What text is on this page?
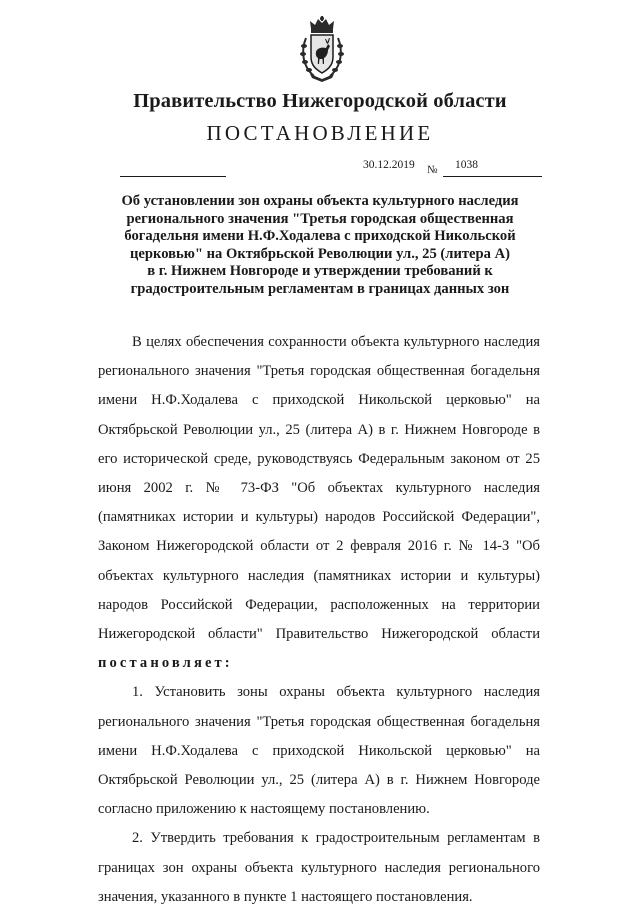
Правительство Нижегородской области
ПОСТАНОВЛЕНИЕ
30.12.2019 № 1038
Об установлении зон охраны объекта культурного наследия
регионального значения "Третья городская общественная
богадельня имени Н.Ф.Ходалева с приходской Никольской
церковью" на Октябрьской Революции ул., 25 (литера А)
в г. Нижнем Новгороде и утверждении требований к
градостроительным регламентам в границах данных зон

В целях обеспечения сохранности объекта культурного наследия регионального значения "Третья городская общественная богадельня имени Н.Ф.Ходалева с приходской Никольской церковью" на Октябрьской Революции ул., 25 (литера А) в г. Нижнем Новгороде в его исторической среде, руководствуясь Федеральным законом от 25 июня 2002 г. № 73-ФЗ "Об объектах культурного наследия (памятниках истории и культуры) народов Российской Федерации", Законом Нижегородской области от 2 февраля 2016 г. № 14-З "Об объектах культурного наследия (памятниках истории и культуры) народов Российской Федерации, расположенных на территории Нижегородской области" Правительство Нижегородской области постановляет:

1. Установить зоны охраны объекта культурного наследия регионального значения "Третья городская общественная богадельня имени Н.Ф.Ходалева с приходской Никольской церковью" на Октябрьской Революции ул., 25 (литера А) в г. Нижнем Новгороде согласно приложению к настоящему постановлению.

2. Утвердить требования к градостроительным регламентам в границах зон охраны объекта культурного наследия регионального значения, указанного в пункте 1 настоящего постановления.
